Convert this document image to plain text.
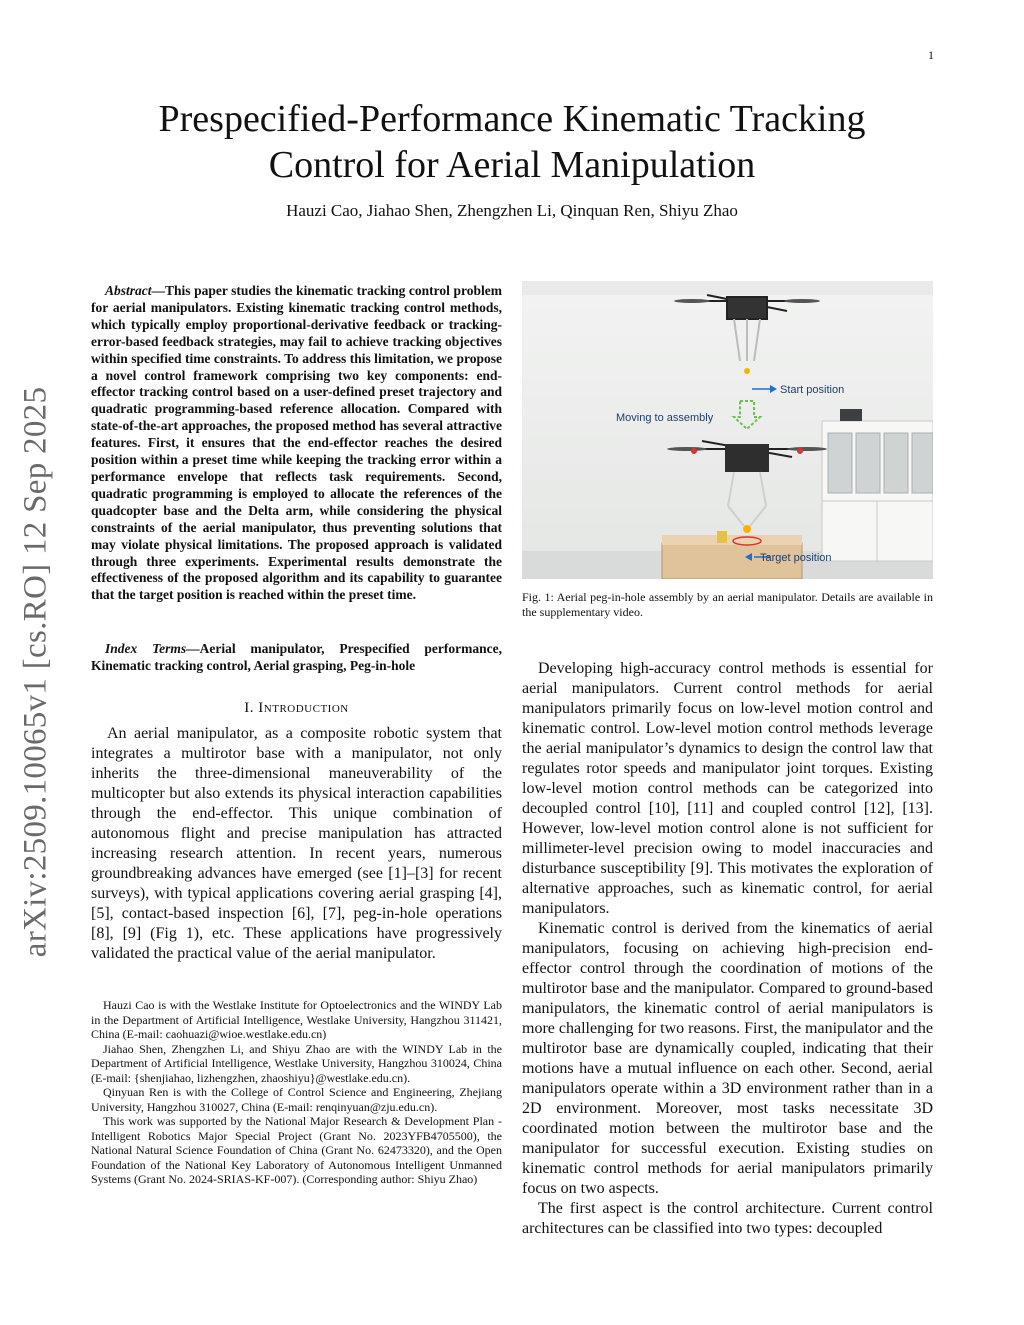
1
Prespecified-Performance Kinematic Tracking
Control for Aerial Manipulation
Hauzi Cao, Jiahao Shen, Zhengzhen Li, Qinquan Ren, Shiyu Zhao
arXiv:2509.10065v1 [cs.RO] 12 Sep 2025

Abstract—This paper studies the kinematic tracking control problem for aerial manipulators. Existing kinematic tracking control methods, which typically employ proportional-derivative feedback or tracking-error-based feedback strategies, may fail to achieve tracking objectives within specified time constraints. To address this limitation, we propose a novel control framework comprising two key components: end-effector tracking control based on a user-defined preset trajectory and quadratic programming-based reference allocation. Compared with state-of-the-art approaches, the proposed method has several attractive features. First, it ensures that the end-effector reaches the desired position within a preset time while keeping the tracking error within a performance envelope that reflects task requirements. Second, quadratic programming is employed to allocate the references of the quadcopter base and the Delta arm, while considering the physical constraints of the aerial manipulator, thus preventing solutions that may violate physical limitations. The proposed approach is validated through three experiments. Experimental results demonstrate the effectiveness of the proposed algorithm and its capability to guarantee that the target position is reached within the preset time.

Index Terms—Aerial manipulator, Prespecified performance, Kinematic tracking control, Aerial grasping, Peg-in-hole

I. Introduction

An aerial manipulator, as a composite robotic system that integrates a multirotor base with a manipulator, not only inherits the three-dimensional maneuverability of the multicopter but also extends its physical interaction capabilities through the end-effector. This unique combination of autonomous flight and precise manipulation has attracted increasing research attention. In recent years, numerous groundbreaking advances have emerged (see [1]–[3] for recent surveys), with typical applications covering aerial grasping [4], [5], contact-based inspection [6], [7], peg-in-hole operations [8], [9] (Fig 1), etc. These applications have progressively validated the practical value of the aerial manipulator.

Hauzi Cao is with the Westlake Institute for Optoelectronics and the WINDY Lab in the Department of Artificial Intelligence, Westlake University, Hangzhou 311421, China (E-mail: caohuazi@wioe.westlake.edu.cn)

Jiahao Shen, Zhengzhen Li, and Shiyu Zhao are with the WINDY Lab in the Department of Artificial Intelligence, Westlake University, Hangzhou 310024, China (E-mail: {shenjiahao, lizhengzhen, zhaoshiyu}@westlake.edu.cn).

Qinyuan Ren is with the College of Control Science and Engineering, Zhejiang University, Hangzhou 310027, China (E-mail: renqinyuan@zju.edu.cn).

This work was supported by the National Major Research & Development Plan - Intelligent Robotics Major Special Project (Grant No. 2023YFB4705500), the National Natural Science Foundation of China (Grant No. 62473320), and the Open Foundation of the National Key Laboratory of Autonomous Intelligent Unmanned Systems (Grant No. 2024-SRIAS-KF-007). (Corresponding author: Shiyu Zhao)

Start position
Moving to assembly
Target position
Fig. 1: Aerial peg-in-hole assembly by an aerial manipulator. Details are available in the supplementary video.

Developing high-accuracy control methods is essential for aerial manipulators. Current control methods for aerial manipulators primarily focus on low-level motion control and kinematic control. Low-level motion control methods leverage the aerial manipulator’s dynamics to design the control law that regulates rotor speeds and manipulator joint torques. Existing low-level motion control methods can be categorized into decoupled control [10], [11] and coupled control [12], [13]. However, low-level motion control alone is not sufficient for millimeter-level precision owing to model inaccuracies and disturbance susceptibility [9]. This motivates the exploration of alternative approaches, such as kinematic control, for aerial manipulators.

Kinematic control is derived from the kinematics of aerial manipulators, focusing on achieving high-precision end-effector control through the coordination of motions of the multirotor base and the manipulator. Compared to ground-based manipulators, the kinematic control of aerial manipulators is more challenging for two reasons. First, the manipulator and the multirotor base are dynamically coupled, indicating that their motions have a mutual influence on each other. Second, aerial manipulators operate within a 3D environment rather than in a 2D environment. Moreover, most tasks necessitate 3D coordinated motion between the multirotor base and the manipulator for successful execution. Existing studies on kinematic control methods for aerial manipulators primarily focus on two aspects.

The first aspect is the control architecture. Current control architectures can be classified into two types: decoupled
